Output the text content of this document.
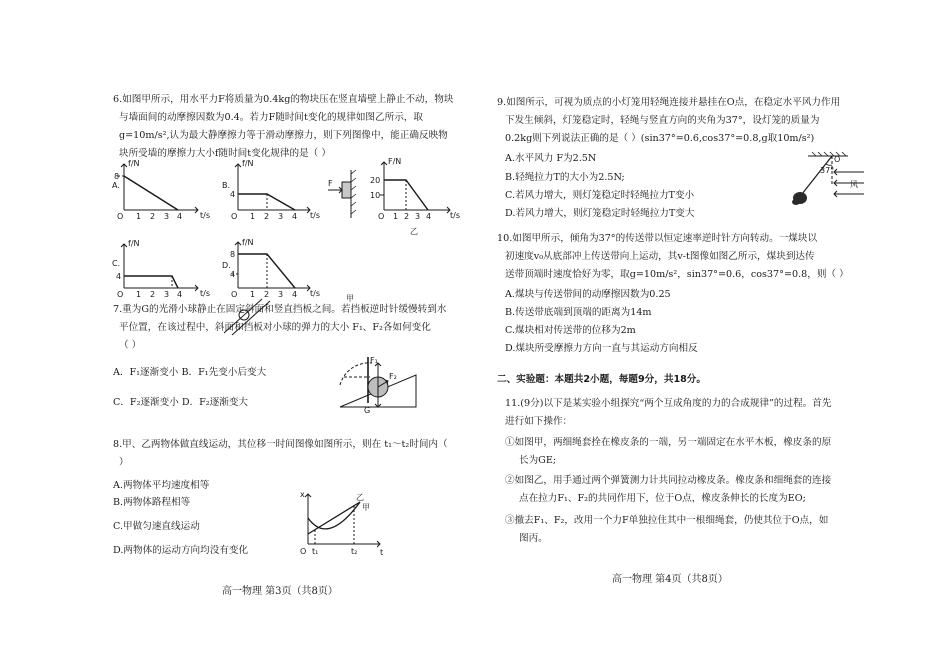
6.如图甲所示，用水平力F将质量为0.4kg的物块压在竖直墙壁上静止不动，物块
与墙面间的动摩擦因数为0.4。若力F随时间t变化的规律如图乙所示，取
g=10m/s²,认为最大静摩擦力等于滑动摩擦力，则下列图像中，能正确反映物
块所受墙的摩擦力大小f随时间t变化规律的是（ ）
A.
f/N
t/s
8
O 1 2 3 4
B.
f/N
t/s
4
O 1 2 3 4
F
甲
F/N
t/s
20
10
O 1 2 3 4
乙
C.
f/N
t/s
4
O 1 2 3 4
D.
f/N
t/s
8
4
O 1 2 3 4
7.重为G的光滑小球静止在固定斜面和竖直挡板之间。若挡板逆时针缓慢转到水
平位置，在该过程中，斜面和挡板对小球的弹力的大小 F₁、F₂各如何变化
（ ）
A．F₁逐渐变小 B．F₁先变小后变大
C．F₂逐渐变小 D．F₂逐渐变大
F₁
F₂
G
8.甲、乙两物体做直线运动，其位移一时间图像如图所示，则在 t₁～t₂时间内（
）
A.两物体平均速度相等
B.两物体路程相等
C.甲做匀速直线运动
D.两物体的运动方向均没有变化
x
t
O t₁	t₂
乙
甲
高一物理 第3页（共8页）
9.如图所示，可视为质点的小灯笼用轻绳连接并悬挂在O点，在稳定水平风力作用
下发生倾斜，灯笼稳定时，轻绳与竖直方向的夹角为37°，设灯笼的质量为
0.2kg则下列说法正确的是（ ）(sin37°=0.6,cos37°=0.8,g取10m/s²)
A.水平风力 F为2.5N
B.轻绳拉力T的大小为2.5N;
C.若风力增大，则灯笼稳定时轻绳拉力T变小
D.若风力增大，则灯笼稳定时轻绳拉力T变大
O
37°
风
10.如图甲所示，倾角为37°的传送带以恒定速率逆时针方向转动。一煤块以
初速度v₀从底部冲上传送带向上运动，其v-t图像如图乙所示，煤块到达传
送带顶端时速度恰好为零，取g=10m/s²，sin37°=0.6，cos37°=0.8，则（ ）
A.煤块与传送带间的动摩擦因数为0.25
B.传送带底端到顶端的距离为14m
C.煤块相对传送带的位移为2m
D.煤块所受摩擦力方向一直与其运动方向相反
二、实验题：本题共2小题，每题9分，共18分。
11.(9分)以下是某实验小组探究“两个互成角度的力的合成规律”的过程。首先
进行如下操作：
①如图甲，两细绳套拴在橡皮条的一端，另一端固定在水平木板，橡皮条的原
长为GE;
②如图乙，用手通过两个弹簧测力计共同拉动橡皮条。橡皮条和细绳套的连接
点在拉力F₁、F₂的共同作用下，位于O点，橡皮条伸长的长度为EO;
③撤去F₁、F₂，改用一个力F单独拉住其中一根细绳套，仍使其位于O点，如
图丙。
高一物理 第4页（共8页）
